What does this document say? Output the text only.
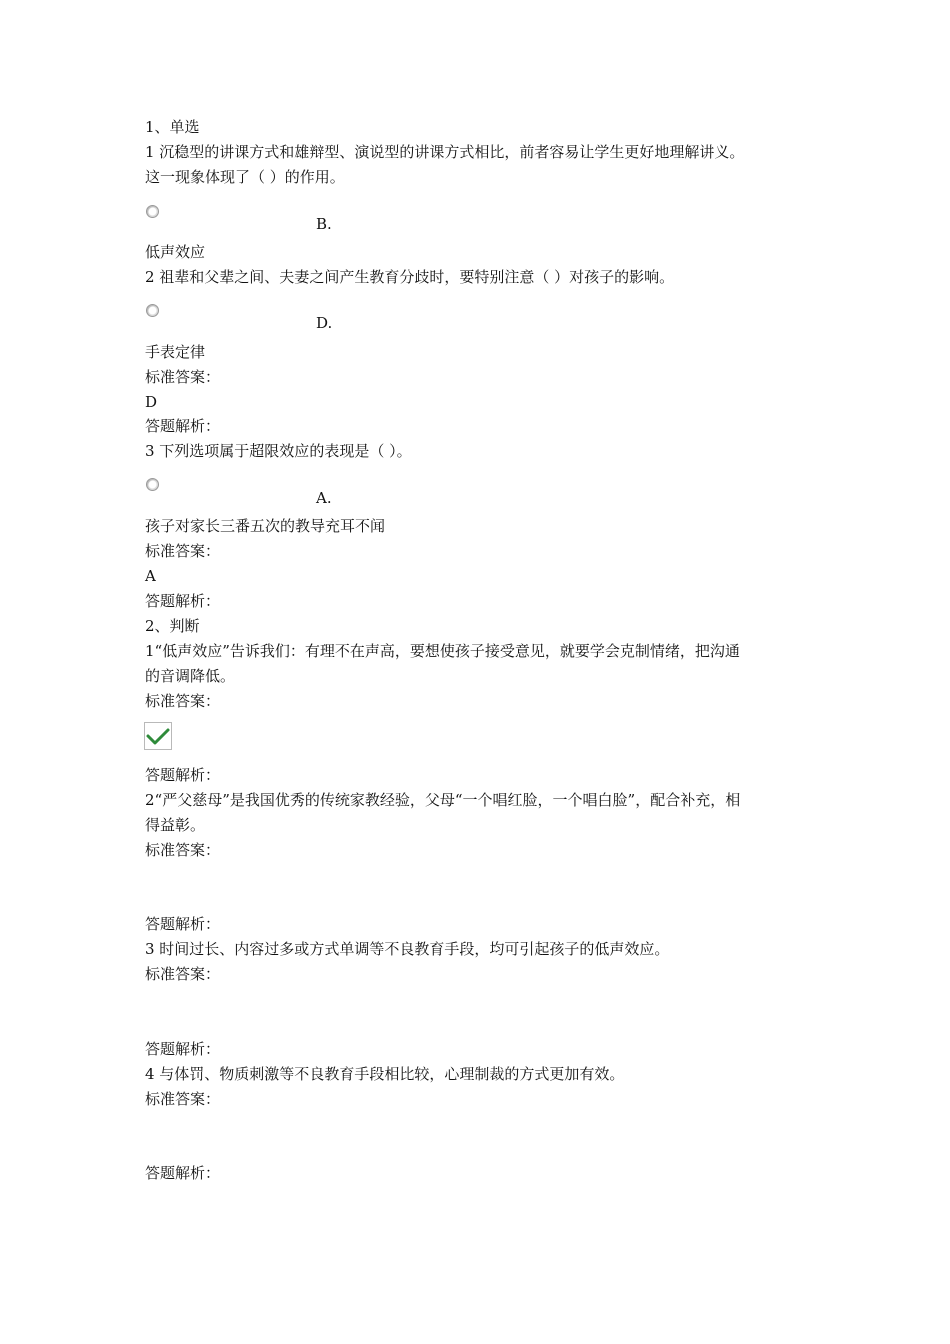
1、单选
1 沉稳型的讲课方式和雄辩型、演说型的讲课方式相比，前者容易让学生更好地理解讲义。
这一现象体现了（ ）的作用。
B.
低声效应
2 祖辈和父辈之间、夫妻之间产生教育分歧时，要特别注意（ ）对孩子的影响。
D.
手表定律
标准答案：
D
答题解析：
3 下列选项属于超限效应的表现是（ ）。
A.
孩子对家长三番五次的教导充耳不闻
标准答案：
A
答题解析：
2、判断
1“低声效应”告诉我们：有理不在声高，要想使孩子接受意见，就要学会克制情绪，把沟通
的音调降低。
标准答案：
答题解析：
2“严父慈母”是我国优秀的传统家教经验，父母“一个唱红脸，一个唱白脸”，配合补充，相
得益彰。
标准答案：
答题解析：
3 时间过长、内容过多或方式单调等不良教育手段，均可引起孩子的低声效应。
标准答案：
答题解析：
4 与体罚、物质刺激等不良教育手段相比较，心理制裁的方式更加有效。
标准答案：
答题解析：
